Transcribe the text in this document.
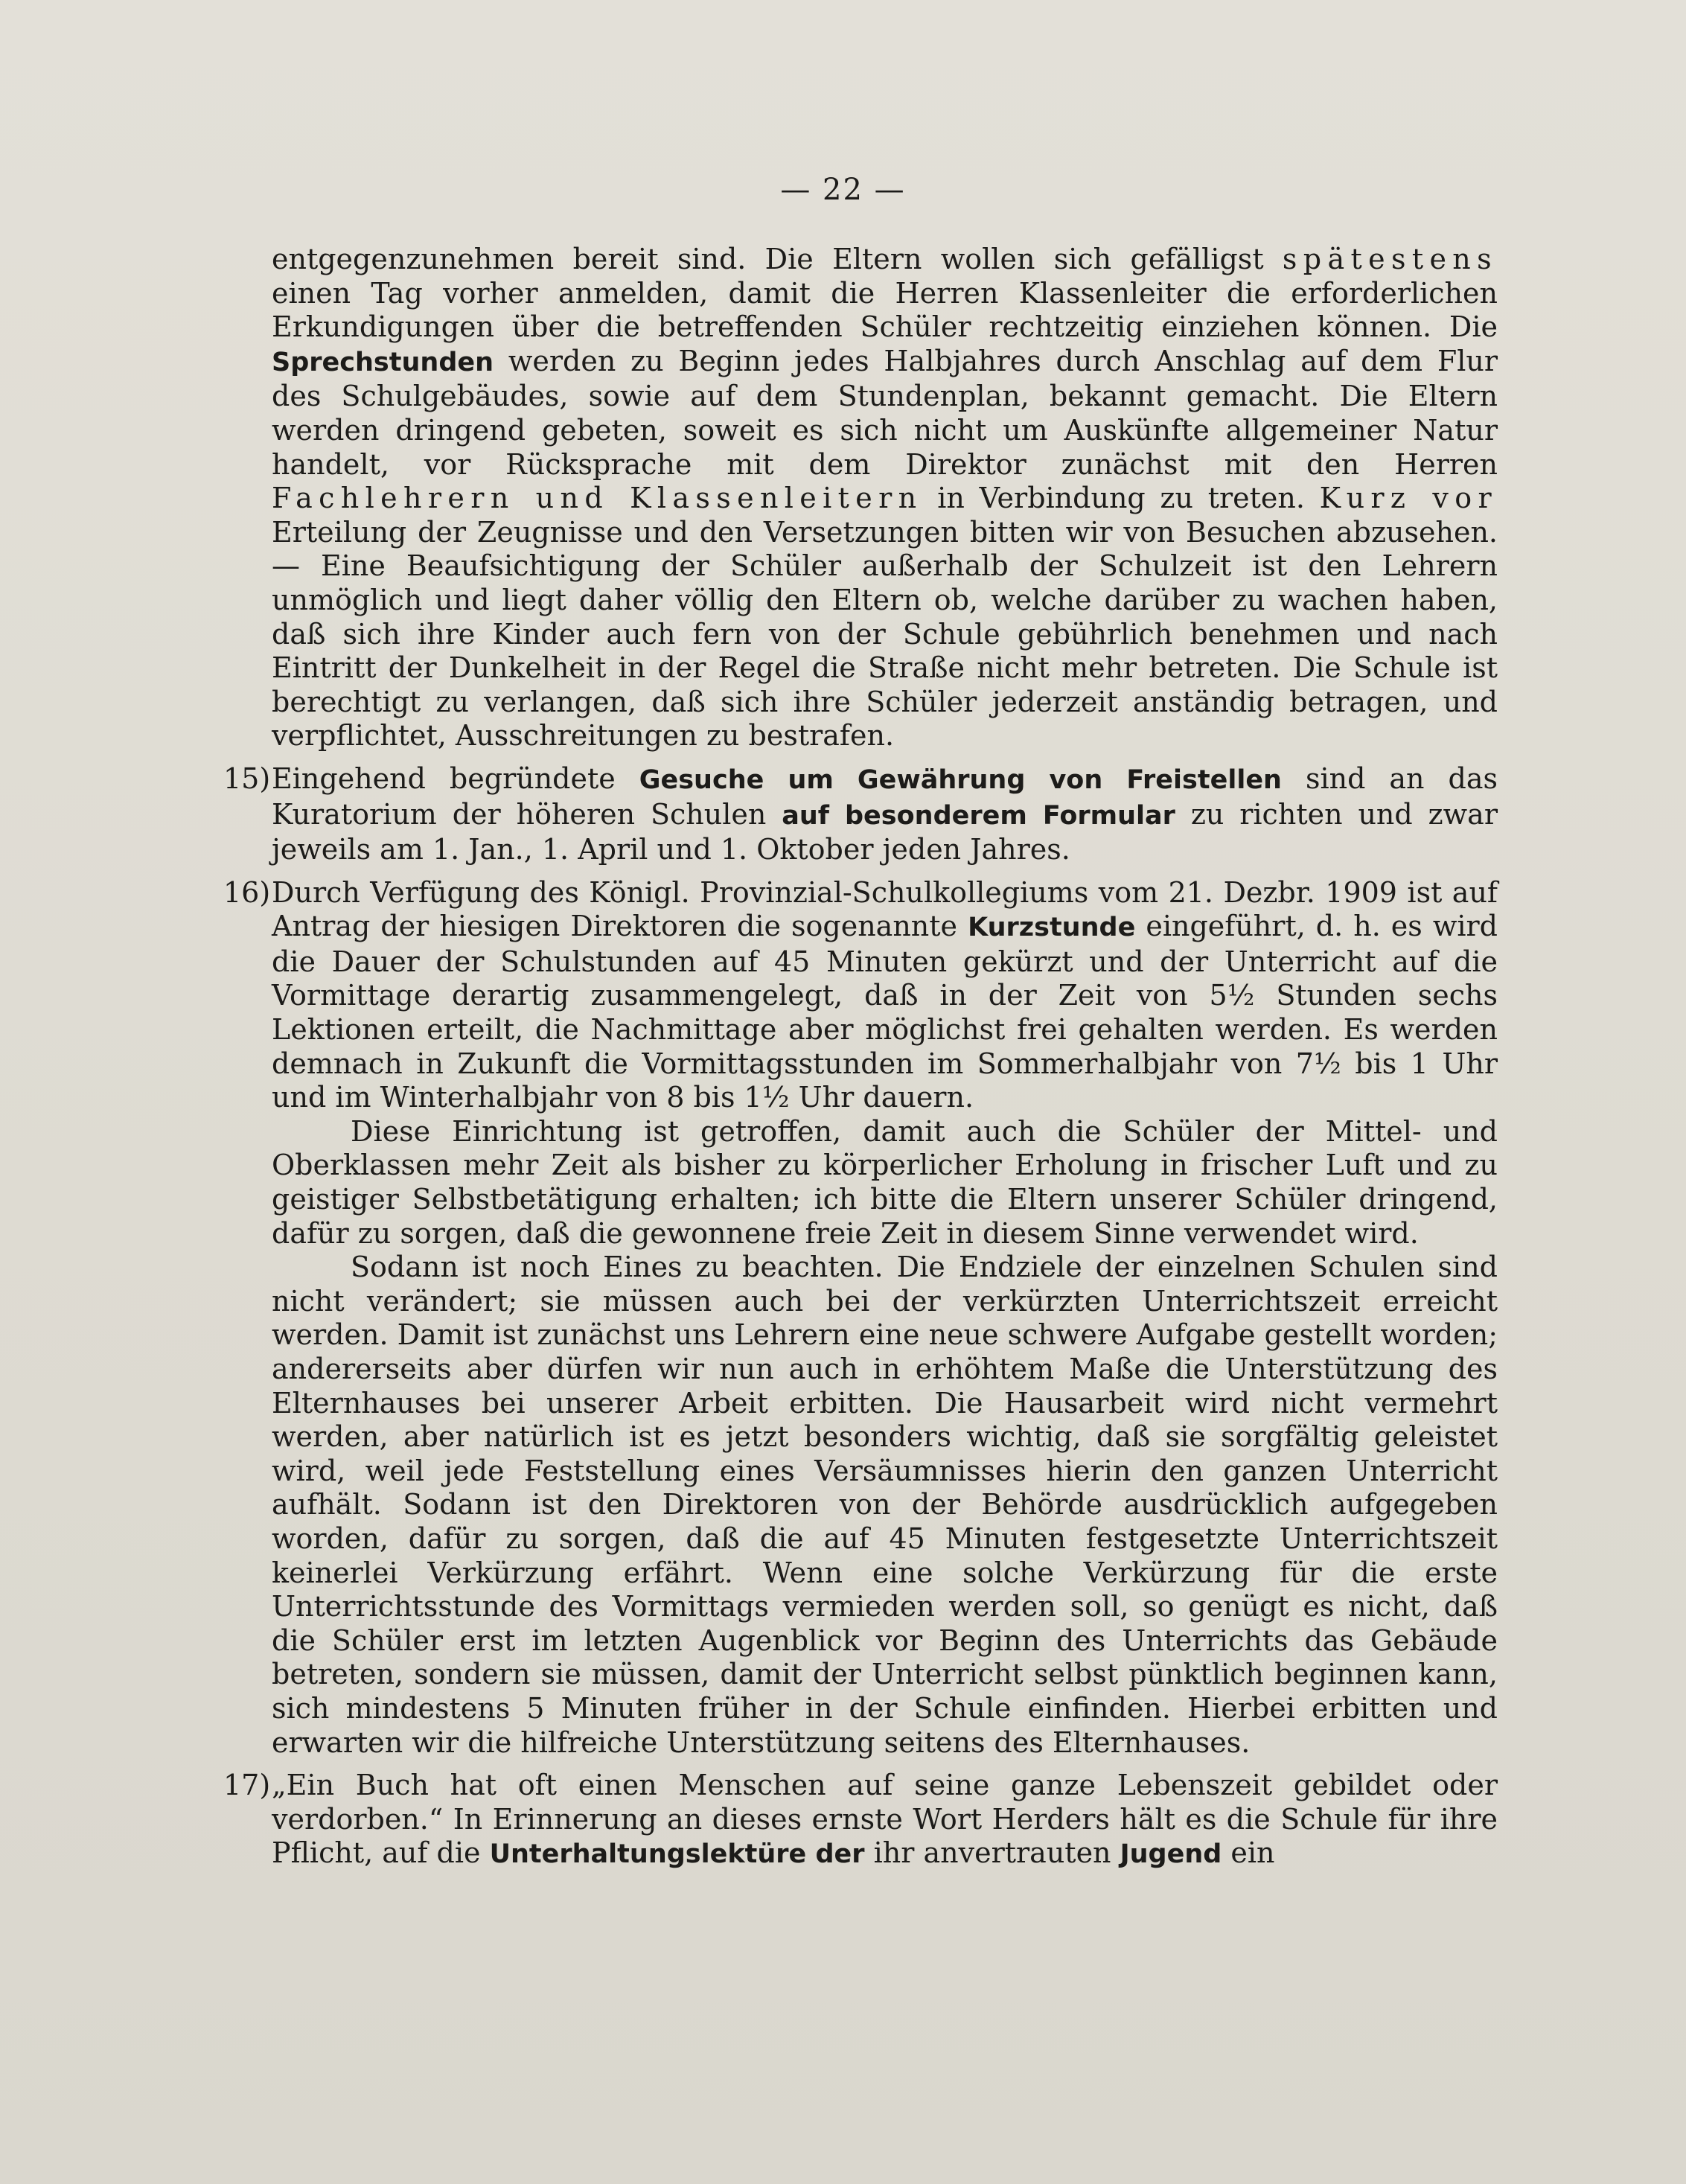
— 22 —

entgegenzunehmen bereit sind. Die Eltern wollen sich gefälligst spätestens einen Tag vorher anmelden, damit die Herren Klassenleiter die erforderlichen Erkundigungen über die betreffenden Schüler rechtzeitig einziehen können. Die Sprechstunden werden zu Beginn jedes Halbjahres durch Anschlag auf dem Flur des Schulgebäudes, sowie auf dem Stundenplan, bekannt gemacht. Die Eltern werden dringend gebeten, soweit es sich nicht um Auskünfte allgemeiner Natur handelt, vor Rücksprache mit dem Direktor zunächst mit den Herren Fachlehrern und Klassenleitern in Verbindung zu treten. Kurz vor Erteilung der Zeugnisse und den Versetzungen bitten wir von Besuchen abzusehen. — Eine Beaufsichtigung der Schüler außerhalb der Schulzeit ist den Lehrern unmöglich und liegt daher völlig den Eltern ob, welche darüber zu wachen haben, daß sich ihre Kinder auch fern von der Schule gebührlich benehmen und nach Eintritt der Dunkelheit in der Regel die Straße nicht mehr betreten. Die Schule ist berechtigt zu verlangen, daß sich ihre Schüler jederzeit anständig betragen, und verpflichtet, Ausschreitungen zu bestrafen.

15) Eingehend begründete Gesuche um Gewährung von Freistellen sind an das Kuratorium der höheren Schulen auf besonderem Formular zu richten und zwar jeweils am 1. Jan., 1. April und 1. Oktober jeden Jahres.

16) Durch Verfügung des Königl. Provinzial-Schulkollegiums vom 21. Dezbr. 1909 ist auf Antrag der hiesigen Direktoren die sogenannte Kurzstunde eingeführt, d. h. es wird die Dauer der Schulstunden auf 45 Minuten gekürzt und der Unterricht auf die Vormittage derartig zusammengelegt, daß in der Zeit von 5½ Stunden sechs Lektionen erteilt, die Nachmittage aber möglichst frei gehalten werden. Es werden demnach in Zukunft die Vormittagsstunden im Sommerhalbjahr von 7½ bis 1 Uhr und im Winterhalbjahr von 8 bis 1½ Uhr dauern.

Diese Einrichtung ist getroffen, damit auch die Schüler der Mittel- und Oberklassen mehr Zeit als bisher zu körperlicher Erholung in frischer Luft und zu geistiger Selbstbetätigung erhalten; ich bitte die Eltern unserer Schüler dringend, dafür zu sorgen, daß die gewonnene freie Zeit in diesem Sinne verwendet wird.

Sodann ist noch Eines zu beachten. Die Endziele der einzelnen Schulen sind nicht verändert; sie müssen auch bei der verkürzten Unterrichtszeit erreicht werden. Damit ist zunächst uns Lehrern eine neue schwere Aufgabe gestellt worden; andererseits aber dürfen wir nun auch in erhöhtem Maße die Unterstützung des Elternhauses bei unserer Arbeit erbitten. Die Hausarbeit wird nicht vermehrt werden, aber natürlich ist es jetzt besonders wichtig, daß sie sorgfältig geleistet wird, weil jede Feststellung eines Versäumnisses hierin den ganzen Unterricht aufhält. Sodann ist den Direktoren von der Behörde ausdrücklich aufgegeben worden, dafür zu sorgen, daß die auf 45 Minuten festgesetzte Unterrichtszeit keinerlei Verkürzung erfährt. Wenn eine solche Verkürzung für die erste Unterrichtsstunde des Vormittags vermieden werden soll, so genügt es nicht, daß die Schüler erst im letzten Augenblick vor Beginn des Unterrichts das Gebäude betreten, sondern sie müssen, damit der Unterricht selbst pünktlich beginnen kann, sich mindestens 5 Minuten früher in der Schule einfinden. Hierbei erbitten und erwarten wir die hilfreiche Unterstützung seitens des Elternhauses.

17) „Ein Buch hat oft einen Menschen auf seine ganze Lebenszeit gebildet oder verdorben.“ In Erinnerung an dieses ernste Wort Herders hält es die Schule für ihre Pflicht, auf die Unterhaltungslektüre der ihr anvertrauten Jugend ein
